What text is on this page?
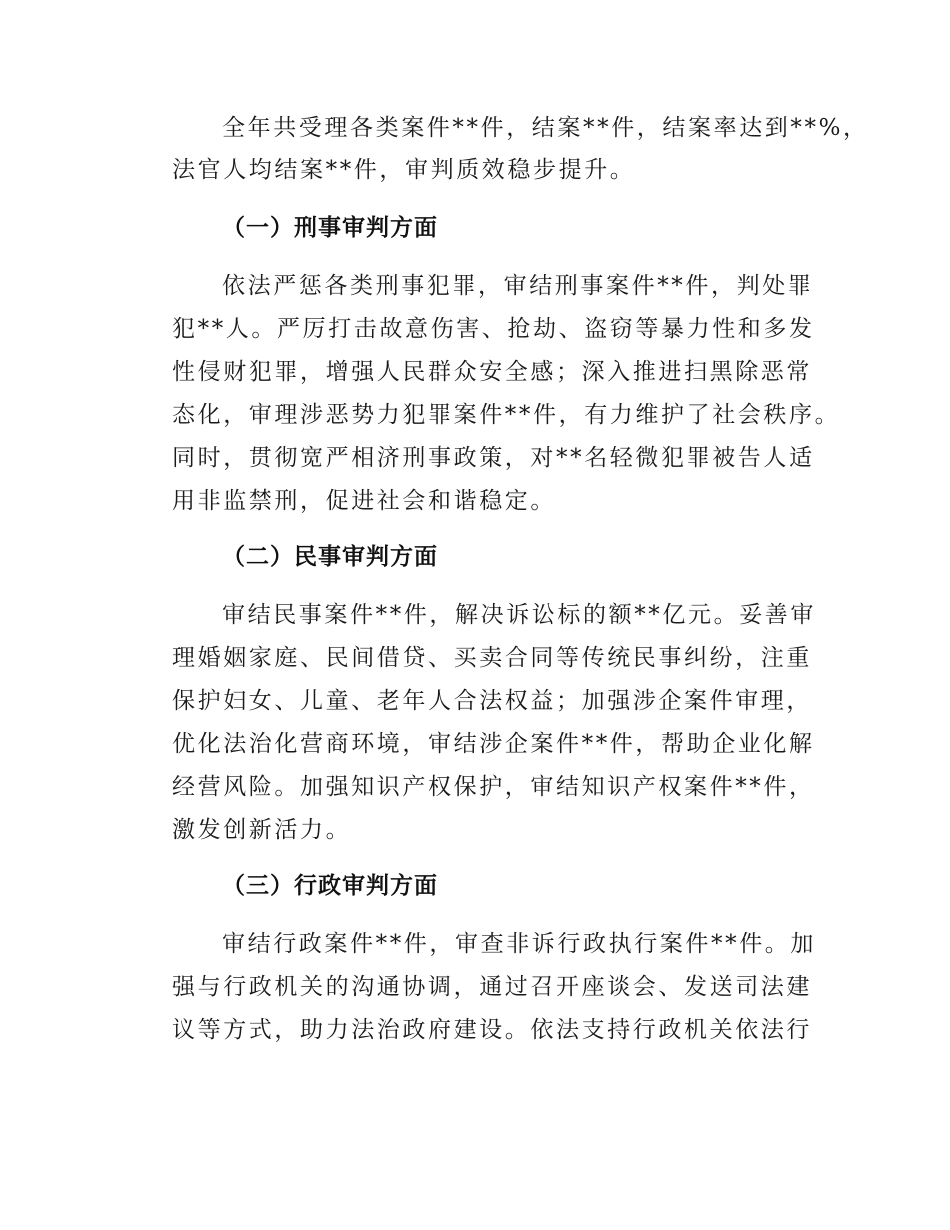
全年共受理各类案件**件，结案**件，结案率达到**%，
法官人均结案**件，审判质效稳步提升。
（一）刑事审判方面
依法严惩各类刑事犯罪，审结刑事案件**件，判处罪
犯**人。严厉打击故意伤害、抢劫、盗窃等暴力性和多发
性侵财犯罪，增强人民群众安全感；深入推进扫黑除恶常
态化，审理涉恶势力犯罪案件**件，有力维护了社会秩序。
同时，贯彻宽严相济刑事政策，对**名轻微犯罪被告人适
用非监禁刑，促进社会和谐稳定。
（二）民事审判方面
审结民事案件**件，解决诉讼标的额**亿元。妥善审
理婚姻家庭、民间借贷、买卖合同等传统民事纠纷，注重
保护妇女、儿童、老年人合法权益；加强涉企案件审理，
优化法治化营商环境，审结涉企案件**件，帮助企业化解
经营风险。加强知识产权保护，审结知识产权案件**件，
激发创新活力。
（三）行政审判方面
审结行政案件**件，审查非诉行政执行案件**件。加
强与行政机关的沟通协调，通过召开座谈会、发送司法建
议等方式，助力法治政府建设。依法支持行政机关依法行
